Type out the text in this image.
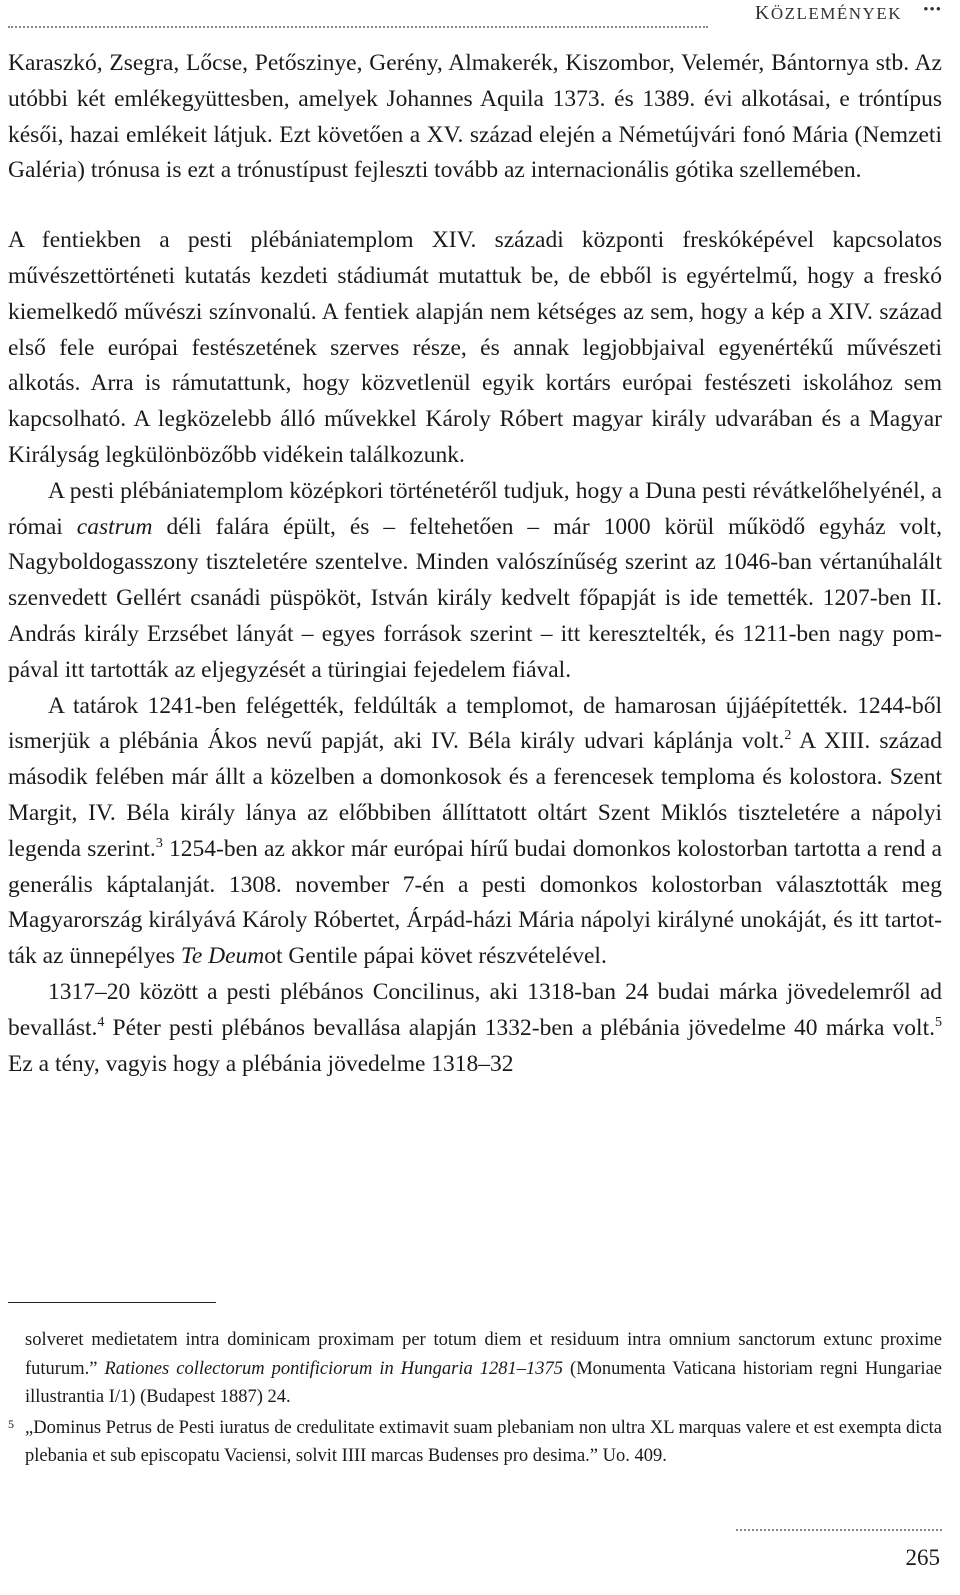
KÖZLEMÉNYEK •••

Karaszkó, Zsegra, Lőcse, Petőszinye, Gerény, Almakerék, Kiszombor, Velemér, Bántornya stb. Az utóbbi két emlékegyüttesben, amelyek Johannes Aquila 1373. és 1389. évi alkotásai, e tróntípus késői, hazai emlékeit látjuk. Ezt követően a XV. század elején a Németújvári fonó Mária (Nemzeti Galéria) trónusa is ezt a trónustípust fejleszti tovább az internacionális gótika szellemében.

A fentiekben a pesti plébániatemplom XIV. századi központi freskóképével kapcsolatos művészettörténeti kutatás kezdeti stádiumát mutattuk be, de ebből is egyértelmű, hogy a freskó kiemelkedő művészi színvonalú. A fentiek alapján nem kétséges az sem, hogy a kép a XIV. század első fele európai festészetének szerves része, és annak legjobbjaival egyenértékű művészeti alkotás. Arra is rámutattunk, hogy közvetlenül egyik kortárs európai festészeti iskolához sem kapcsolható. A legközelebb álló művekkel Károly Róbert magyar király udvarában és a Magyar Királyság legkülönbözőbb vidékein találkozunk.

A pesti plébániatemplom középkori történetéről tudjuk, hogy a Duna pesti révátkelőhelyénél, a római castrum déli falára épült, és – feltehetően – már 1000 körül működő egyház volt, Nagyboldogasszony tiszteletére szentelve. Minden valószínűség szerint az 1046-ban vértanúhalált szenvedett Gellért csanádi püspököt, István király kedvelt főpapját is ide temették. 1207-ben II. András király Erzsébet lányát – egyes források szerint – itt keresztelték, és 1211-ben nagy pompával itt tartották az eljegyzését a türingiai fejedelem fiával.

A tatárok 1241-ben felégették, feldúlták a templomot, de hamarosan újjáépítették. 1244-ből ismerjük a plébánia Ákos nevű papját, aki IV. Béla király udvari káplánja volt.$^2$ A XIII. század második felében már állt a közelben a domonkosok és a ferencesek temploma és kolostora. Szent Margit, IV. Béla király lánya az előbbiben állíttatott oltárt Szent Miklós tiszteletére a nápolyi legenda szerint.$^3$ 1254-ben az akkor már európai hírű budai domonkos kolostorban tartotta a rend a generális káptalanját. 1308. november 7-én a pesti domonkos kolostorban választották meg Magyarország királyává Károly Róbertet, Árpád-házi Mária nápolyi királyné unokáját, és itt tartották az ünnepélyes Te Deumot Gentile pápai követ részvételével.

1317–20 között a pesti plébános Concilinus, aki 1318-ban 24 budai márka jövedelemről ad bevallást.$^4$ Péter pesti plébános bevallása alapján 1332-ben a plébánia jövedelme 40 márka volt.$^5$ Ez a tény, vagyis hogy a plébánia jövedelme 1318–32

solveret medietatem intra dominicam proximam per totum diem et residuum intra omnium sanctorum extunc proxime futurum.” Rationes collectorum pontificiorum in Hungaria 1281–1375 (Monumenta Vaticana historiam regni Hungariae illustrantia I/1) (Budapest 1887) 24.

5 „Dominus Petrus de Pesti iuratus de credulitate extimavit suam plebaniam non ultra XL marquas valere et est exempta dicta plebania et sub episcopatu Vaciensi, solvit IIII marcas Budenses pro desima.” Uo. 409.

265
